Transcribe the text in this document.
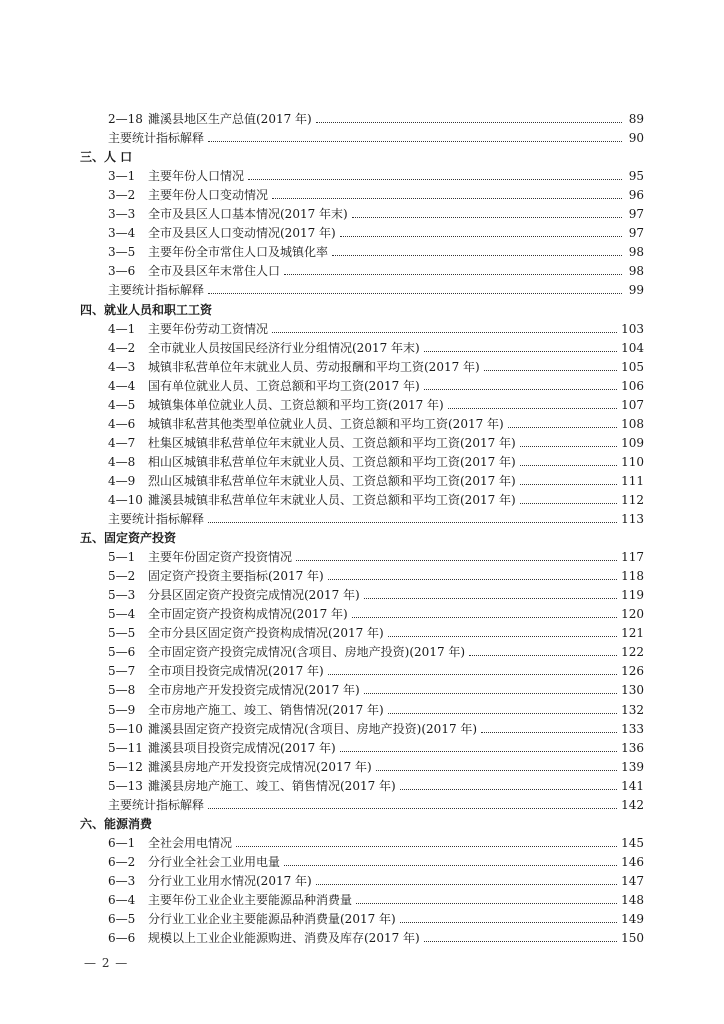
2—18 濉溪县地区生产总值(2017 年)	89
主要统计指标解释	90
三、人 口
3—1	主要年份人口情况	95
3—2	主要年份人口变动情况	96
3—3	全市及县区人口基本情况(2017 年末)	97
3—4	全市及县区人口变动情况(2017 年)	97
3—5	主要年份全市常住人口及城镇化率	98
3—6	全市及县区年末常住人口	98
主要统计指标解释	99
四、就业人员和职工工资
4—1	主要年份劳动工资情况	103
4—2	全市就业人员按国民经济行业分组情况(2017 年末)	104
4—3	城镇非私营单位年末就业人员、劳动报酬和平均工资(2017 年)	105
4—4	国有单位就业人员、工资总额和平均工资(2017 年)	106
4—5	城镇集体单位就业人员、工资总额和平均工资(2017 年)	107
4—6	城镇非私营其他类型单位就业人员、工资总额和平均工资(2017 年)	108
4—7	杜集区城镇非私营单位年末就业人员、工资总额和平均工资(2017 年)	109
4—8	相山区城镇非私营单位年末就业人员、工资总额和平均工资(2017 年)	110
4—9	烈山区城镇非私营单位年末就业人员、工资总额和平均工资(2017 年)	111
4—10 濉溪县城镇非私营单位年末就业人员、工资总额和平均工资(2017 年)	112
主要统计指标解释	113
五、固定资产投资
5—1	主要年份固定资产投资情况	117
5—2	固定资产投资主要指标(2017 年)	118
5—3	分县区固定资产投资完成情况(2017 年)	119
5—4	全市固定资产投资构成情况(2017 年)	120
5—5	全市分县区固定资产投资构成情况(2017 年)	121
5—6	全市固定资产投资完成情况(含项目、房地产投资)(2017 年)	122
5—7	全市项目投资完成情况(2017 年)	126
5—8	全市房地产开发投资完成情况(2017 年)	130
5—9	全市房地产施工、竣工、销售情况(2017 年)	132
5—10 濉溪县固定资产投资完成情况(含项目、房地产投资)(2017 年)	133
5—11 濉溪县项目投资完成情况(2017 年)	136
5—12 濉溪县房地产开发投资完成情况(2017 年)	139
5—13 濉溪县房地产施工、竣工、销售情况(2017 年)	141
主要统计指标解释	142
六、能源消费
6—1	全社会用电情况	145
6—2	分行业全社会工业用电量	146
6—3	分行业工业用水情况(2017 年)	147
6—4	主要年份工业企业主要能源品种消费量	148
6—5	分行业工业企业主要能源品种消费量(2017 年)	149
6—6	规模以上工业企业能源购进、消费及库存(2017 年)	150
— 2 —
